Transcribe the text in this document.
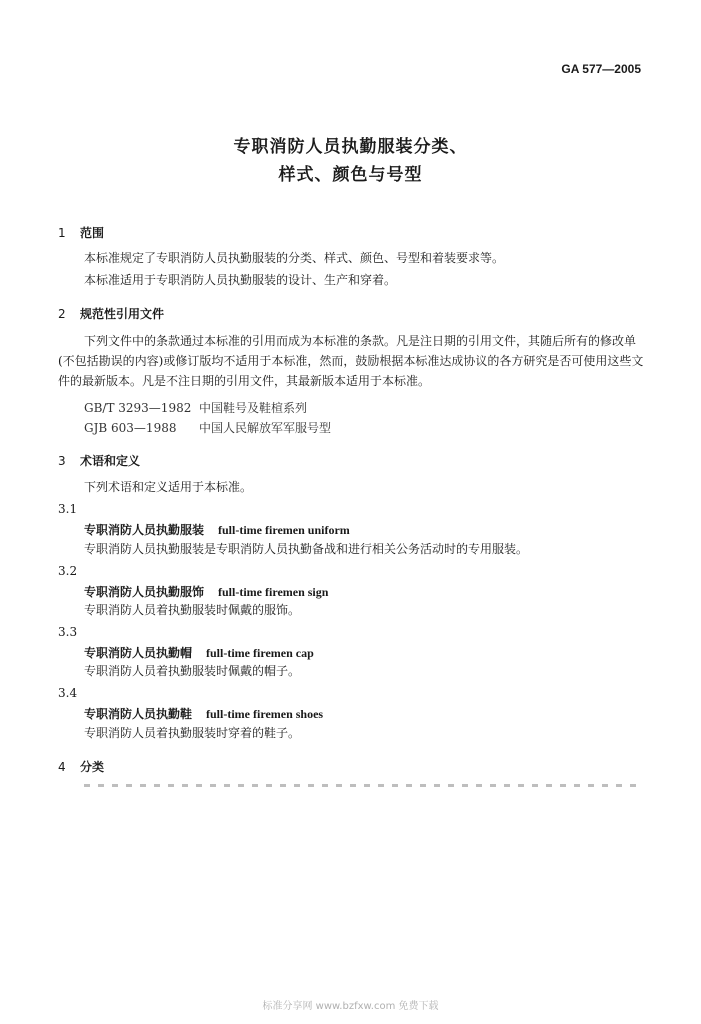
GA 577—2005
专职消防人员执勤服装分类、
样式、颜色与号型
1 范围
本标准规定了专职消防人员执勤服装的分类、样式、颜色、号型和着装要求等。
本标准适用于专职消防人员执勤服装的设计、生产和穿着。
2 规范性引用文件
下列文件中的条款通过本标准的引用而成为本标准的条款。凡是注日期的引用文件，其随后所有的修改单(不包括勘误的内容)或修订版均不适用于本标准，然而，鼓励根据本标准达成协议的各方研究是否可使用这些文件的最新版本。凡是不注日期的引用文件，其最新版本适用于本标准。
GB/T 3293—1982 中国鞋号及鞋楦系列
GJB 603—1988 中国人民解放军军服号型
3 术语和定义
下列术语和定义适用于本标准。
3.1
专职消防人员执勤服装 full-time firemen uniform
专职消防人员执勤服装是专职消防人员执勤备战和进行相关公务活动时的专用服装。
3.2
专职消防人员执勤服饰 full-time firemen sign
专职消防人员着执勤服装时佩戴的服饰。
3.3
专职消防人员执勤帽 full-time firemen cap
专职消防人员着执勤服装时佩戴的帽子。
3.4
专职消防人员执勤鞋 full-time firemen shoes
专职消防人员着执勤服装时穿着的鞋子。
4 分类
标准分享网 www.bzfxw.com 免费下载
